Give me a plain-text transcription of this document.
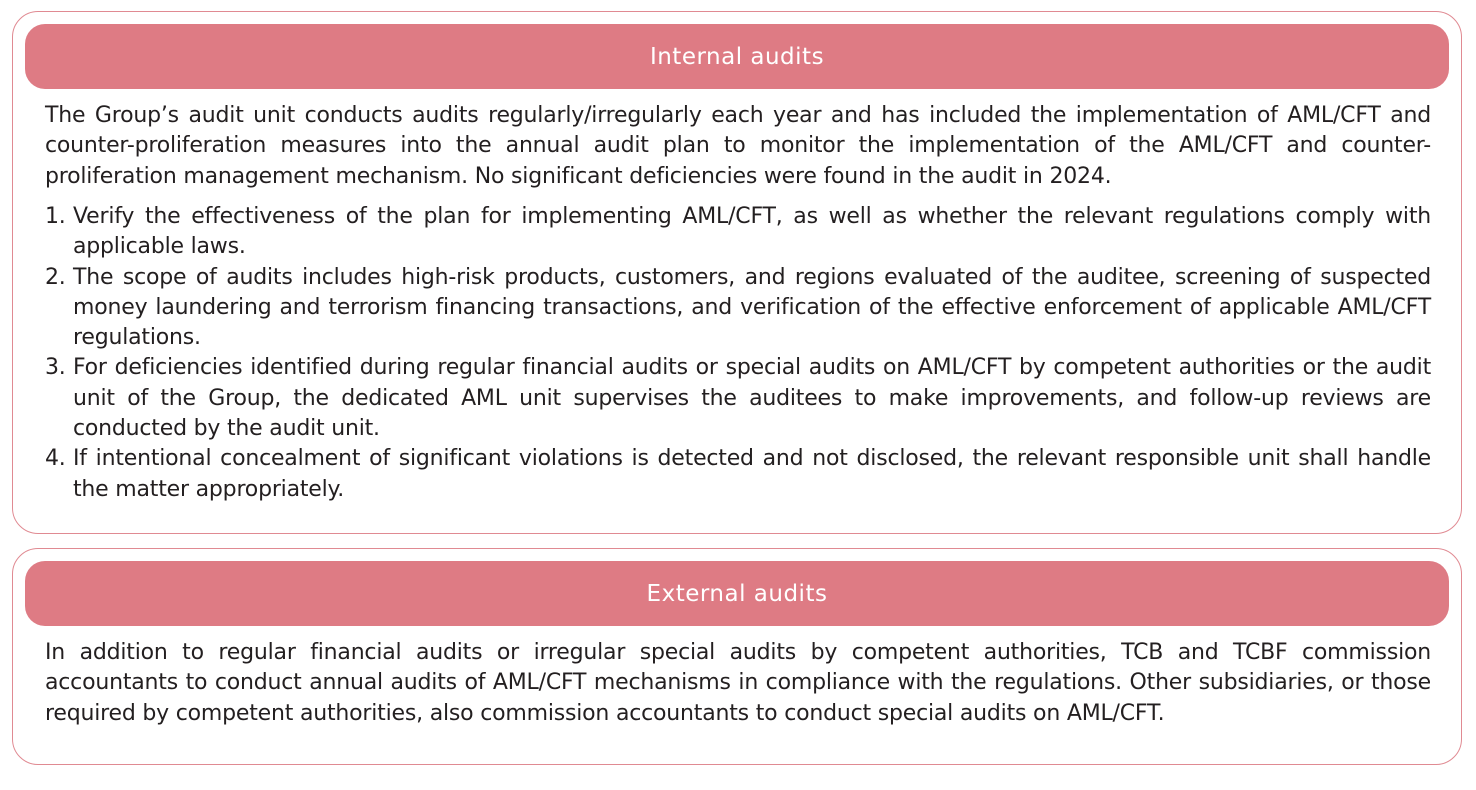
Internal audits

The Group’s audit unit conducts audits regularly/irregularly each year and has included the implementation of AML/CFT and counter-proliferation measures into the annual audit plan to monitor the implementation of the AML/CFT and counter-proliferation management mechanism. No significant deficiencies were found in the audit in 2024.

1. Verify the effectiveness of the plan for implementing AML/CFT, as well as whether the relevant regulations comply with applicable laws.
2. The scope of audits includes high-risk products, customers, and regions evaluated of the auditee, screening of suspected money laundering and terrorism financing transactions, and verification of the effective enforcement of applicable AML/CFT regulations.
3. For deficiencies identified during regular financial audits or special audits on AML/CFT by competent authorities or the audit unit of the Group, the dedicated AML unit supervises the auditees to make improvements, and follow-up reviews are conducted by the audit unit.
4. If intentional concealment of significant violations is detected and not disclosed, the relevant responsible unit shall handle the matter appropriately.
External audits

In addition to regular financial audits or irregular special audits by competent authorities, TCB and TCBF commission accountants to conduct annual audits of AML/CFT mechanisms in compliance with the regulations. Other subsidiaries, or those required by competent authorities, also commission accountants to conduct special audits on AML/CFT.
